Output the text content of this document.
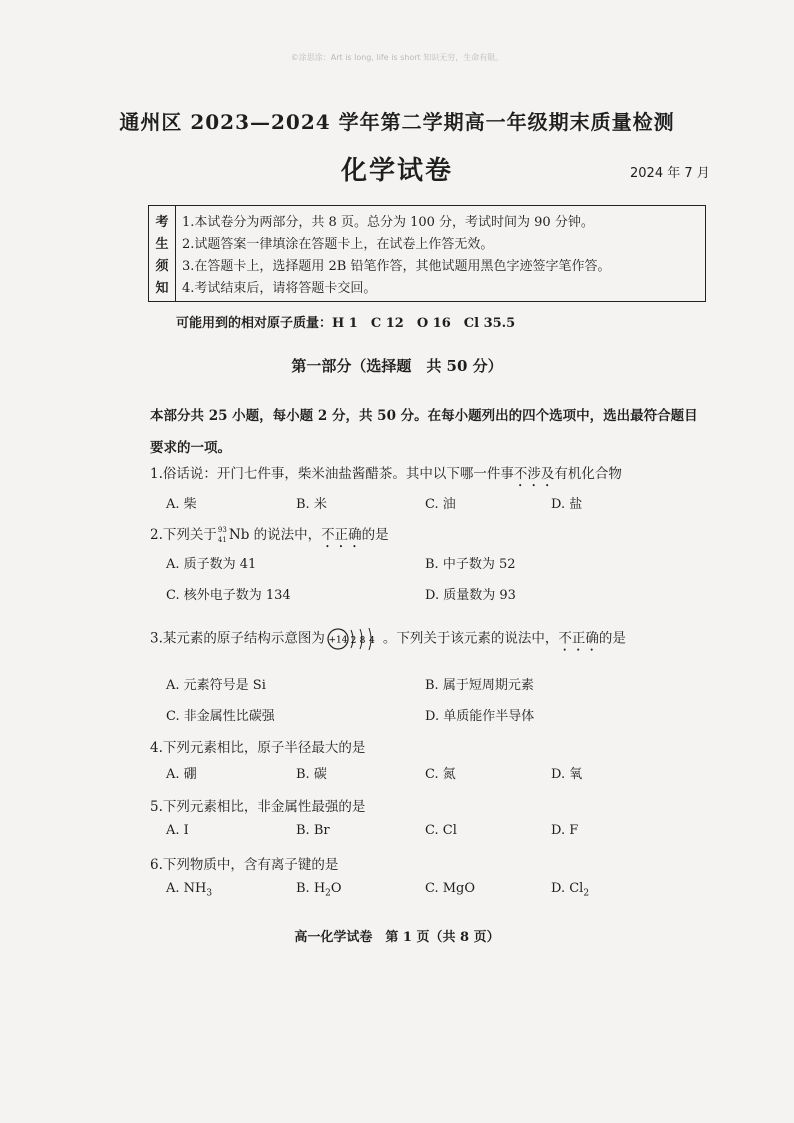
©涂思涂：Art is long, life is short 知识无穷，生命有限。
通州区 2023—2024 学年第二学期高一年级期末质量检测
化学试卷	2024 年 7 月
考
生
须
知
1.本试卷分为两部分，共 8 页。总分为 100 分，考试时间为 90 分钟。
2.试题答案一律填涂在答题卡上，在试卷上作答无效。
3.在答题卡上，选择题用 2B 铅笔作答，其他试题用黑色字迹签字笔作答。
4.考试结束后，请将答题卡交回。
可能用到的相对原子质量：H 1　C 12　O 16　Cl 35.5
第一部分（选择题　共 50 分）
本部分共 25 小题，每小题 2 分，共 50 分。在每小题列出的四个选项中，选出最符合题目要求的一项。
1.俗话说：开门七件事，柴米油盐酱醋茶。其中以下哪一件事不涉及有机化合物
A. 柴	B. 米	C. 油	D. 盐
2.下列关于 93
41 Nb 的说法中，不正确的是
A. 质子数为 41	B. 中子数为 52
C. 核外电子数为 134	D. 质量数为 93
3.某元素的原子结构示意图为 +14 2 8 4 。下列关于该元素的说法中，不正确的是
A. 元素符号是 Si	B. 属于短周期元素
C. 非金属性比碳强	D. 单质能作半导体
4.下列元素相比，原子半径最大的是
A. 硼	B. 碳	C. 氮	D. 氧
5.下列元素相比，非金属性最强的是
A. I	B. Br	C. Cl	D. F
6.下列物质中，含有离子键的是
A. $NH_3$	B. $H_2O$	C. MgO	D. $Cl_2$
高一化学试卷　第 1 页（共 8 页）
